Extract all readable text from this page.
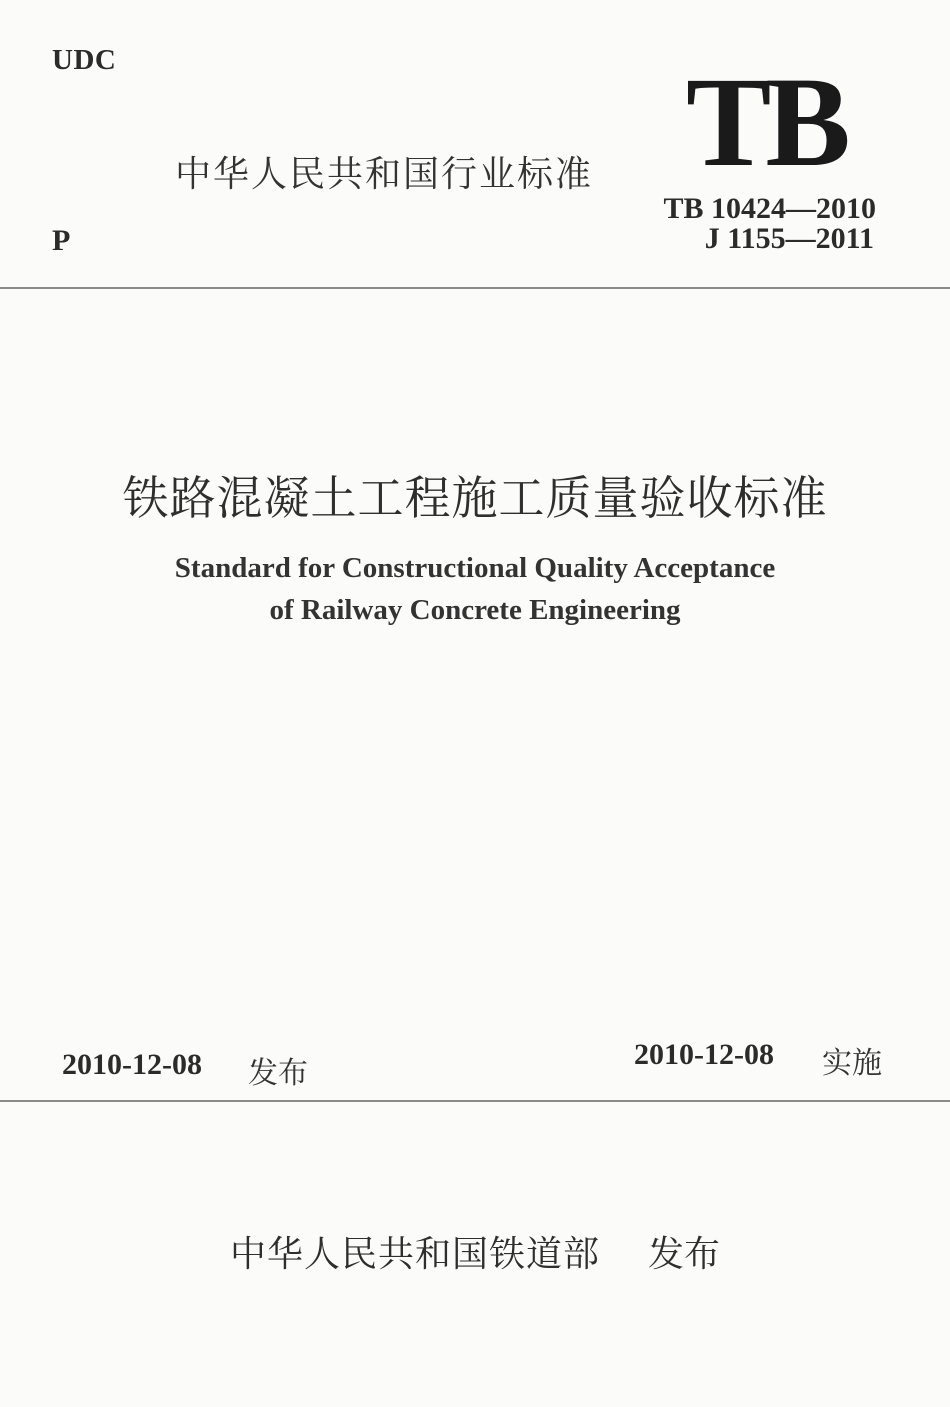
UDC
中华人民共和国行业标准 TB
TB 10424—2010
J 1155—2011
P
铁路混凝土工程施工质量验收标准
Standard for Constructional Quality Acceptance
of Railway Concrete Engineering
2010-12-08 发布
2010-12-08 实施
中华人民共和国铁道部 发布
